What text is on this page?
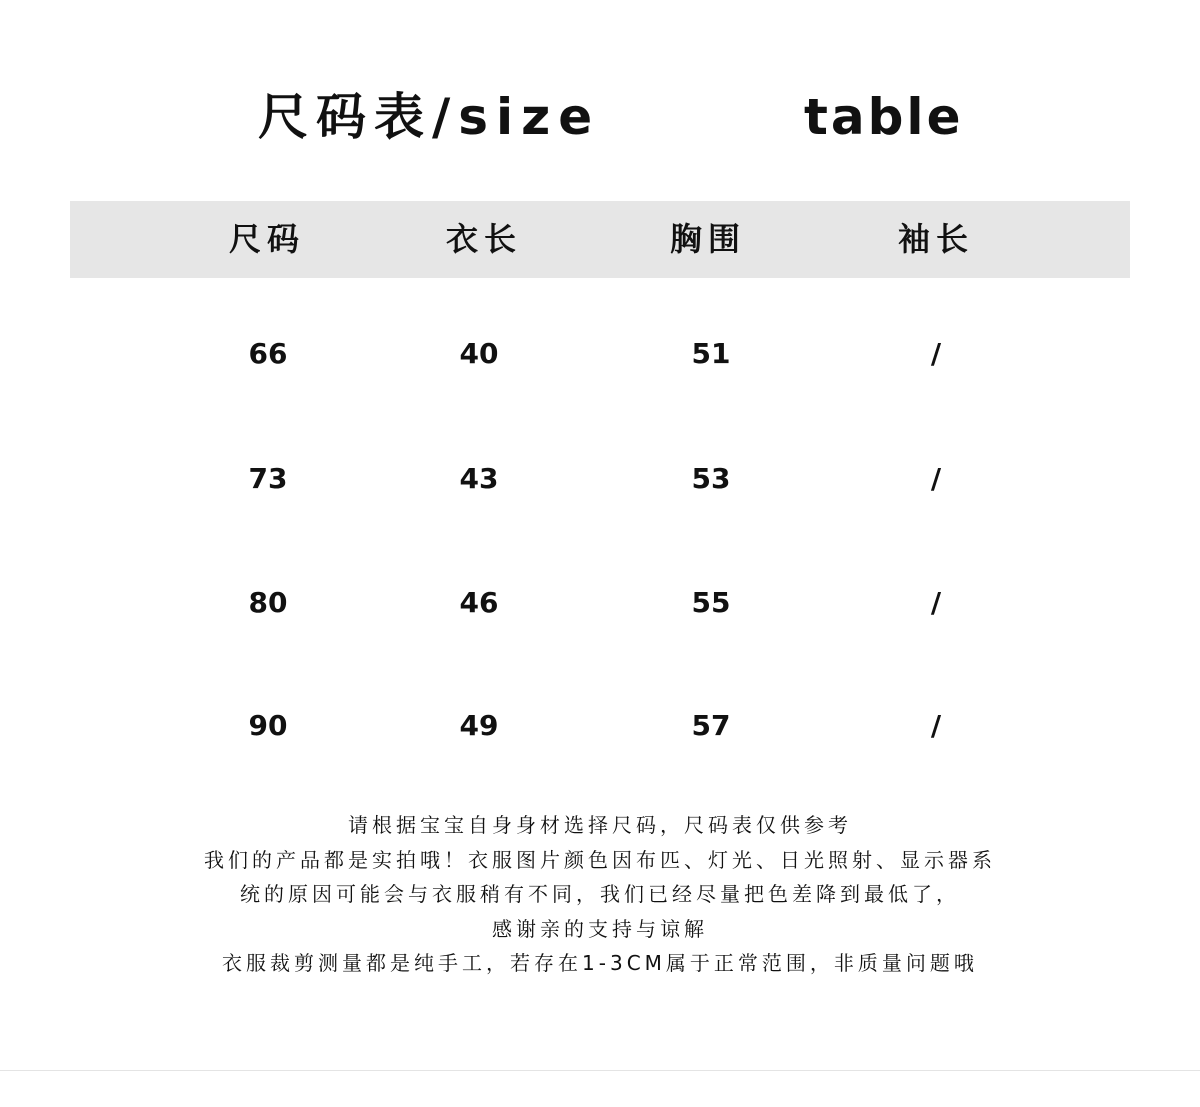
尺码表/size	table
尺码	衣长	胸围	袖长
66	40	51	/
73	43	53	/
80	46	55	/
90	49	57	/
请根据宝宝自身身材选择尺码，尺码表仅供参考
我们的产品都是实拍哦！衣服图片颜色因布匹、灯光、日光照射、显示器系
统的原因可能会与衣服稍有不同，我们已经尽量把色差降到最低了，
感谢亲的支持与谅解
衣服裁剪测量都是纯手工，若存在1-3CM属于正常范围，非质量问题哦
